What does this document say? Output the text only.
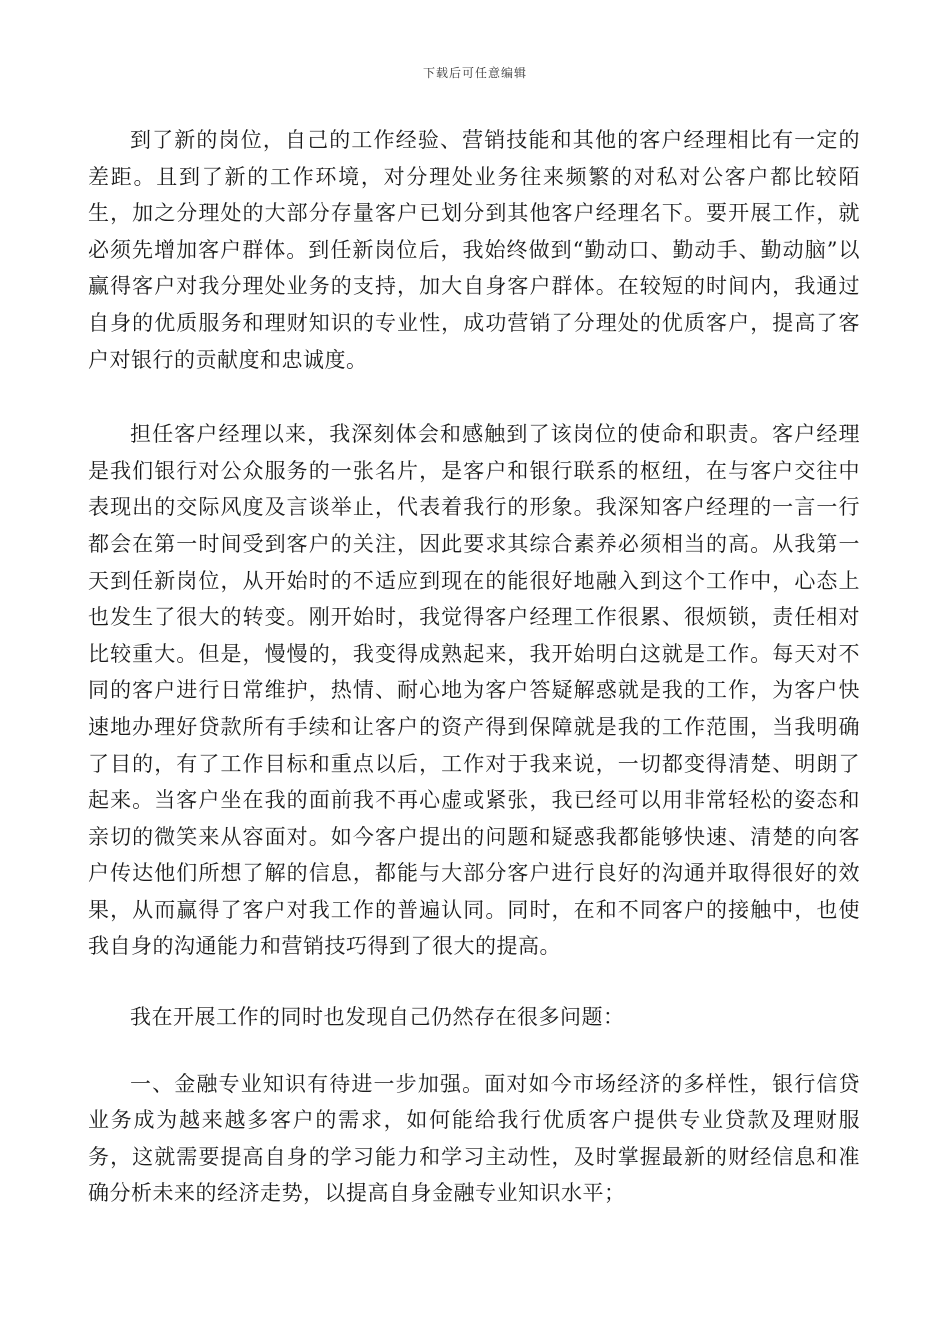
下载后可任意编辑

到了新的岗位，自己的工作经验、营销技能和其他的客户经理相比有一定的差距。且到了新的工作环境，对分理处业务往来频繁的对私对公客户都比较陌生，加之分理处的大部分存量客户已划分到其他客户经理名下。要开展工作，就必须先增加客户群体。到任新岗位后，我始终做到“勤动口、勤动手、勤动脑”以赢得客户对我分理处业务的支持，加大自身客户群体。在较短的时间内，我通过自身的优质服务和理财知识的专业性，成功营销了分理处的优质客户，提高了客户对银行的贡献度和忠诚度。

担任客户经理以来，我深刻体会和感触到了该岗位的使命和职责。客户经理是我们银行对公众服务的一张名片，是客户和银行联系的枢纽，在与客户交往中表现出的交际风度及言谈举止，代表着我行的形象。我深知客户经理的一言一行都会在第一时间受到客户的关注，因此要求其综合素养必须相当的高。从我第一天到任新岗位，从开始时的不适应到现在的能很好地融入到这个工作中，心态上也发生了很大的转变。刚开始时，我觉得客户经理工作很累、很烦锁，责任相对比较重大。但是，慢慢的，我变得成熟起来，我开始明白这就是工作。每天对不同的客户进行日常维护，热情、耐心地为客户答疑解惑就是我的工作，为客户快速地办理好贷款所有手续和让客户的资产得到保障就是我的工作范围，当我明确了目的，有了工作目标和重点以后，工作对于我来说，一切都变得清楚、明朗了起来。当客户坐在我的面前我不再心虚或紧张，我已经可以用非常轻松的姿态和亲切的微笑来从容面对。如今客户提出的问题和疑惑我都能够快速、清楚的向客户传达他们所想了解的信息，都能与大部分客户进行良好的沟通并取得很好的效果，从而赢得了客户对我工作的普遍认同。同时，在和不同客户的接触中，也使我自身的沟通能力和营销技巧得到了很大的提高。

我在开展工作的同时也发现自己仍然存在很多问题：

一、金融专业知识有待进一步加强。面对如今市场经济的多样性，银行信贷业务成为越来越多客户的需求，如何能给我行优质客户提供专业贷款及理财服务，这就需要提高自身的学习能力和学习主动性，及时掌握最新的财经信息和准确分析未来的经济走势，以提高自身金融专业知识水平；
